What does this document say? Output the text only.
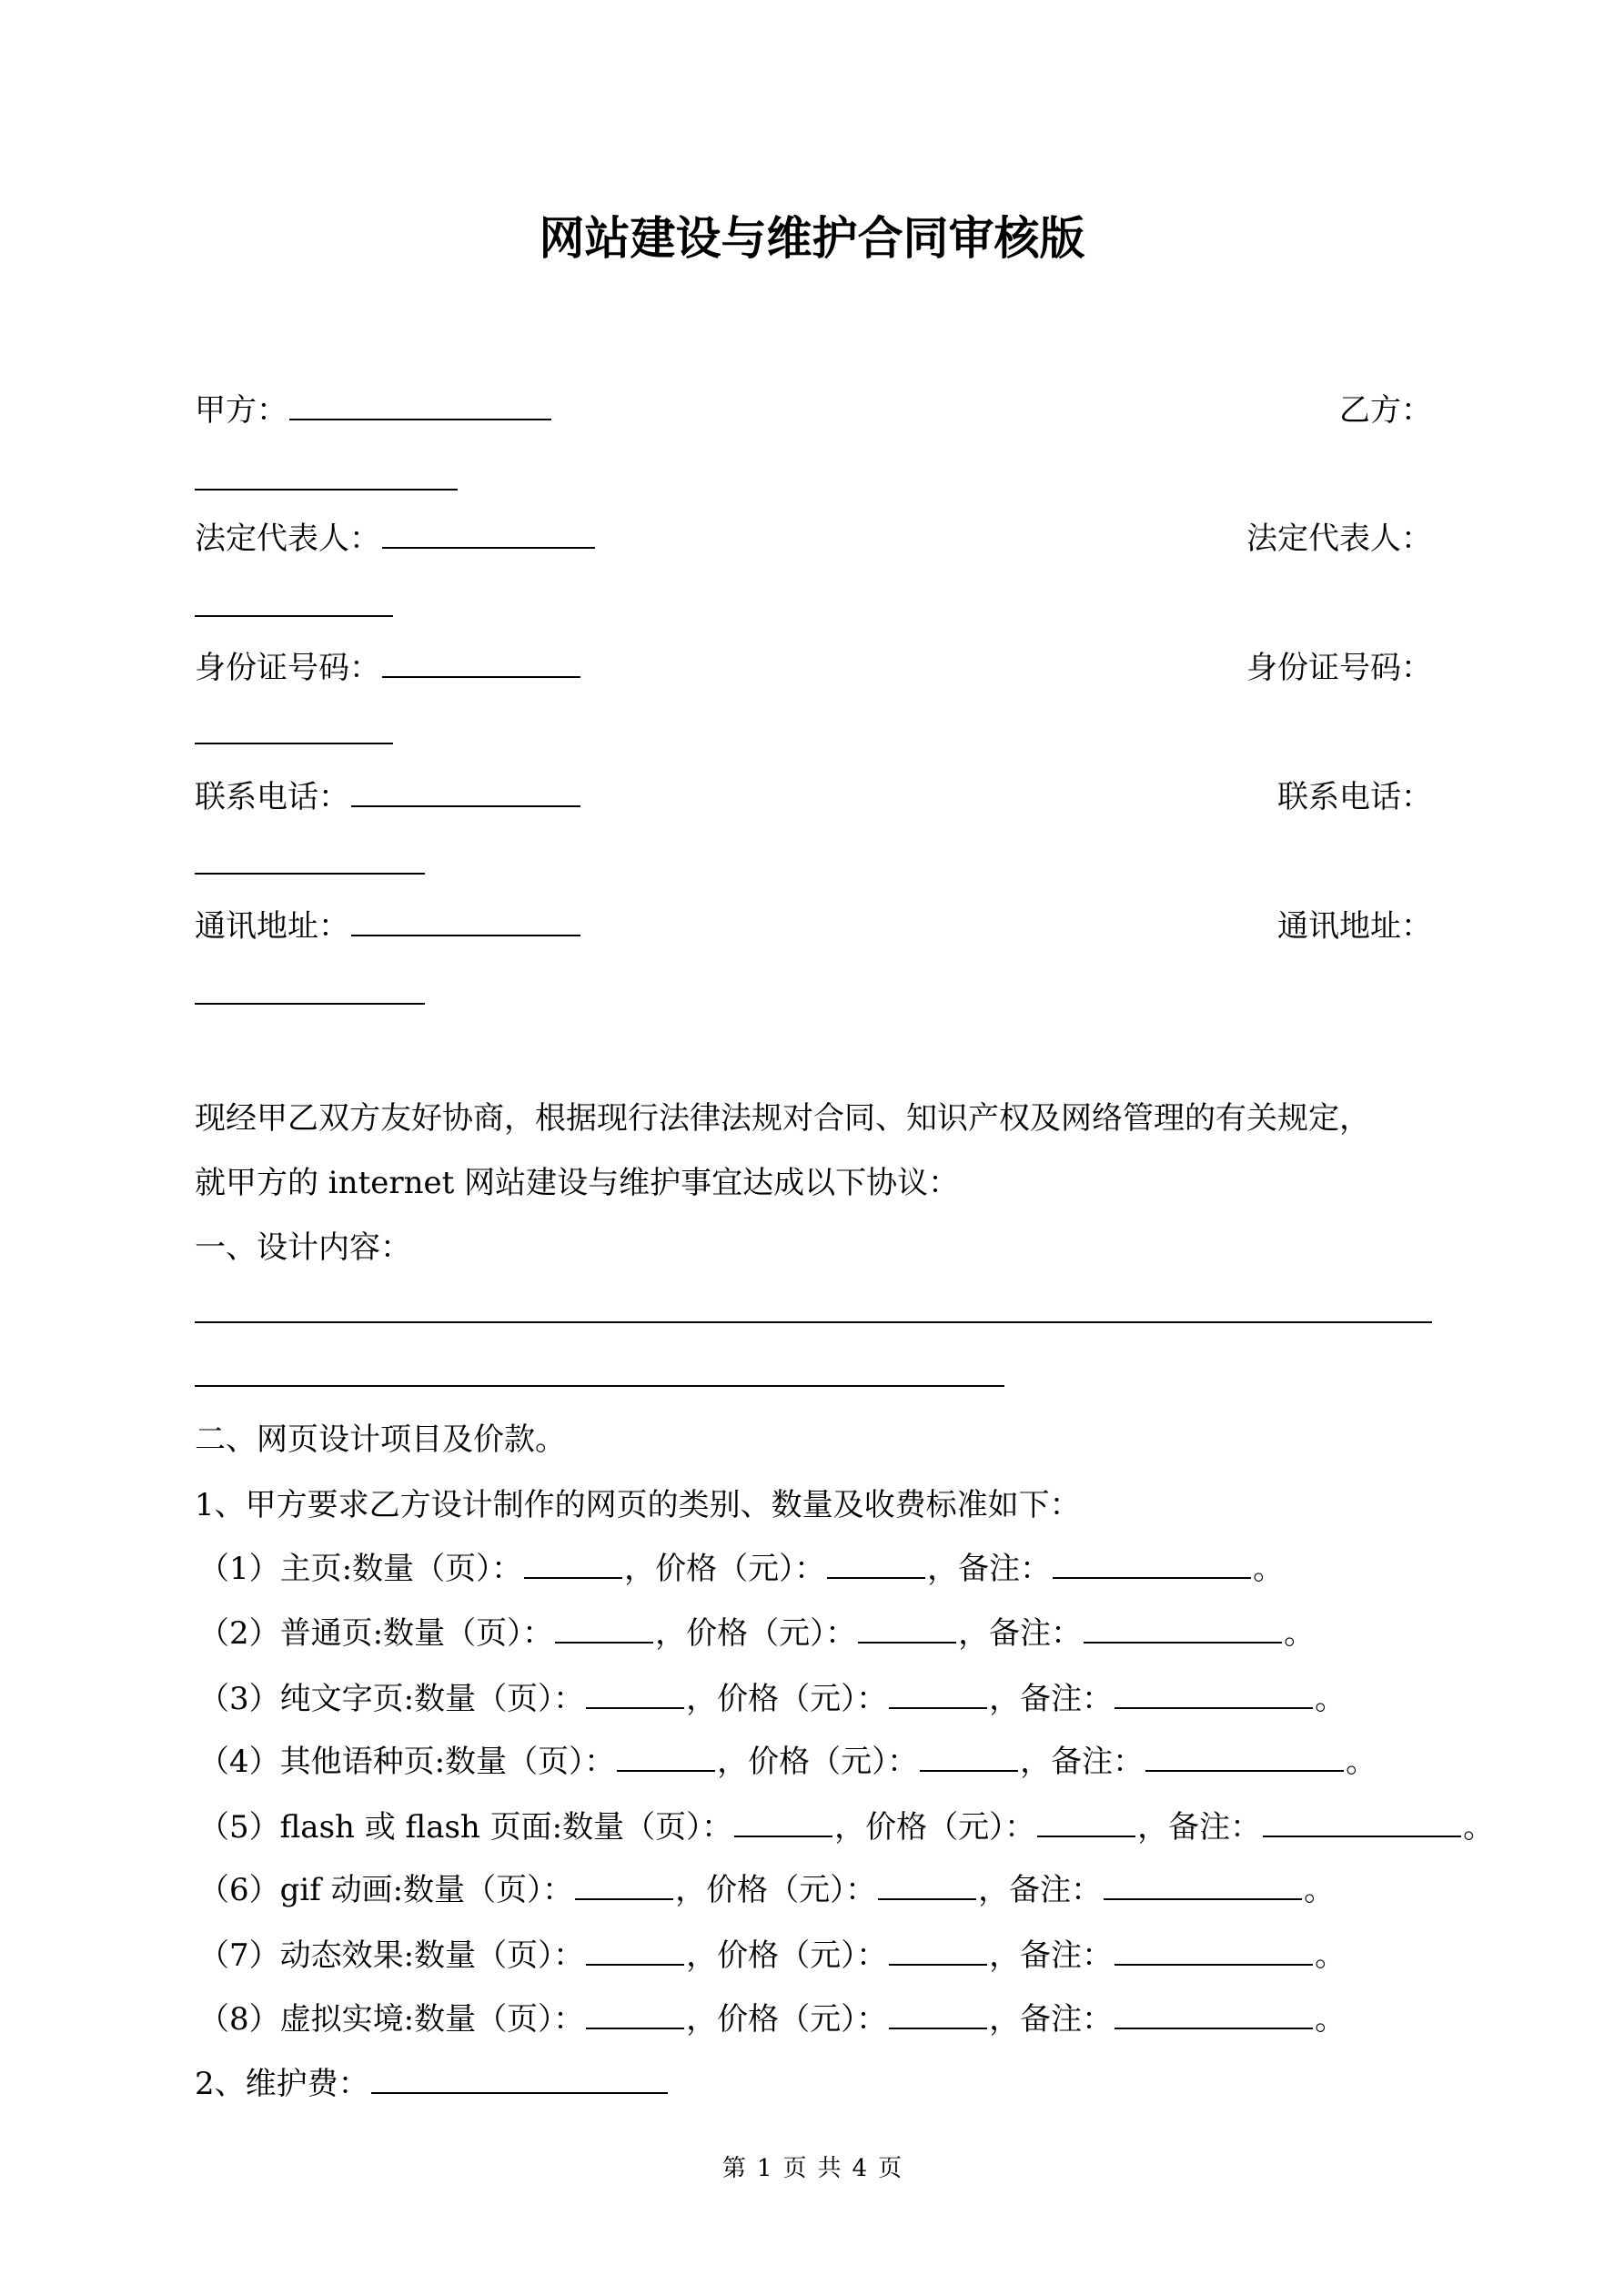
网站建设与维护合同审核版
甲方：	乙方：
法定代表人：	法定代表人：
身份证号码：	身份证号码：
联系电话：	联系电话：
通讯地址：	通讯地址：
现经甲乙双方友好协商，根据现行法律法规对合同、知识产权及网络管理的有关规定，
就甲方的 internet 网站建设与维护事宜达成以下协议：
一、设计内容：
二、网页设计项目及价款。
1、甲方要求乙方设计制作的网页的类别、数量及收费标准如下：
（1）主页:数量（页）：	，价格（元）：	，备注：	。
（2）普通页:数量（页）：	，价格（元）：	，备注：	。
（3）纯文字页:数量（页）：	，价格（元）：	，备注：	。
（4）其他语种页:数量（页）：	，价格（元）：	，备注：	。
（5）flash 或 flash 页面:数量（页）：	，价格（元）：	，备注：	。
（6）gif 动画:数量（页）：	，价格（元）：	，备注：	。
（7）动态效果:数量（页）：	，价格（元）：	，备注：	。
（8）虚拟实境:数量（页）：	，价格（元）：	，备注：	。
2、维护费：
第 1 页 共 4 页
